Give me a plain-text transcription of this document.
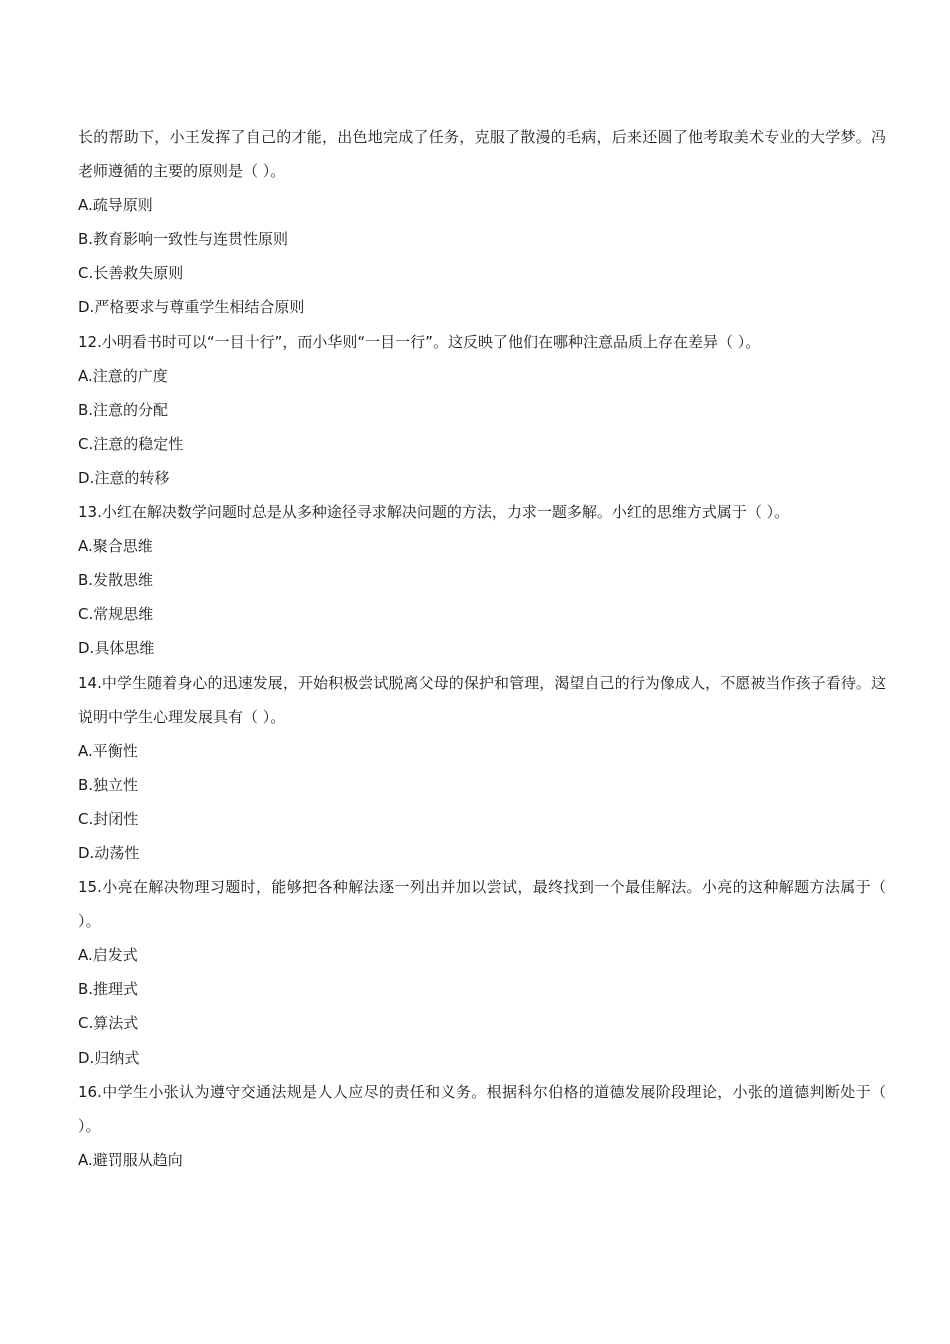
长的帮助下，小王发挥了自己的才能，出色地完成了任务，克服了散漫的毛病，后来还圆了他考取美术专业的大学梦。冯老师遵循的主要的原则是（ ）。
A.疏导原则
B.教育影响一致性与连贯性原则
C.长善救失原则
D.严格要求与尊重学生相结合原则
12.小明看书时可以“一目十行”，而小华则“一目一行”。这反映了他们在哪种注意品质上存在差异（ ）。
A.注意的广度
B.注意的分配
C.注意的稳定性
D.注意的转移
13.小红在解决数学问题时总是从多种途径寻求解决问题的方法，力求一题多解。小红的思维方式属于（ ）。
A.聚合思维
B.发散思维
C.常规思维
D.具体思维
14.中学生随着身心的迅速发展，开始积极尝试脱离父母的保护和管理，渴望自己的行为像成人，不愿被当作孩子看待。这说明中学生心理发展具有（ ）。
A.平衡性
B.独立性
C.封闭性
D.动荡性
15.小亮在解决物理习题时，能够把各种解法逐一列出并加以尝试，最终找到一个最佳解法。小亮的这种解题方法属于（ ）。
A.启发式
B.推理式
C.算法式
D.归纳式
16.中学生小张认为遵守交通法规是人人应尽的责任和义务。根据科尔伯格的道德发展阶段理论，小张的道德判断处于（ ）。
A.避罚服从趋向
